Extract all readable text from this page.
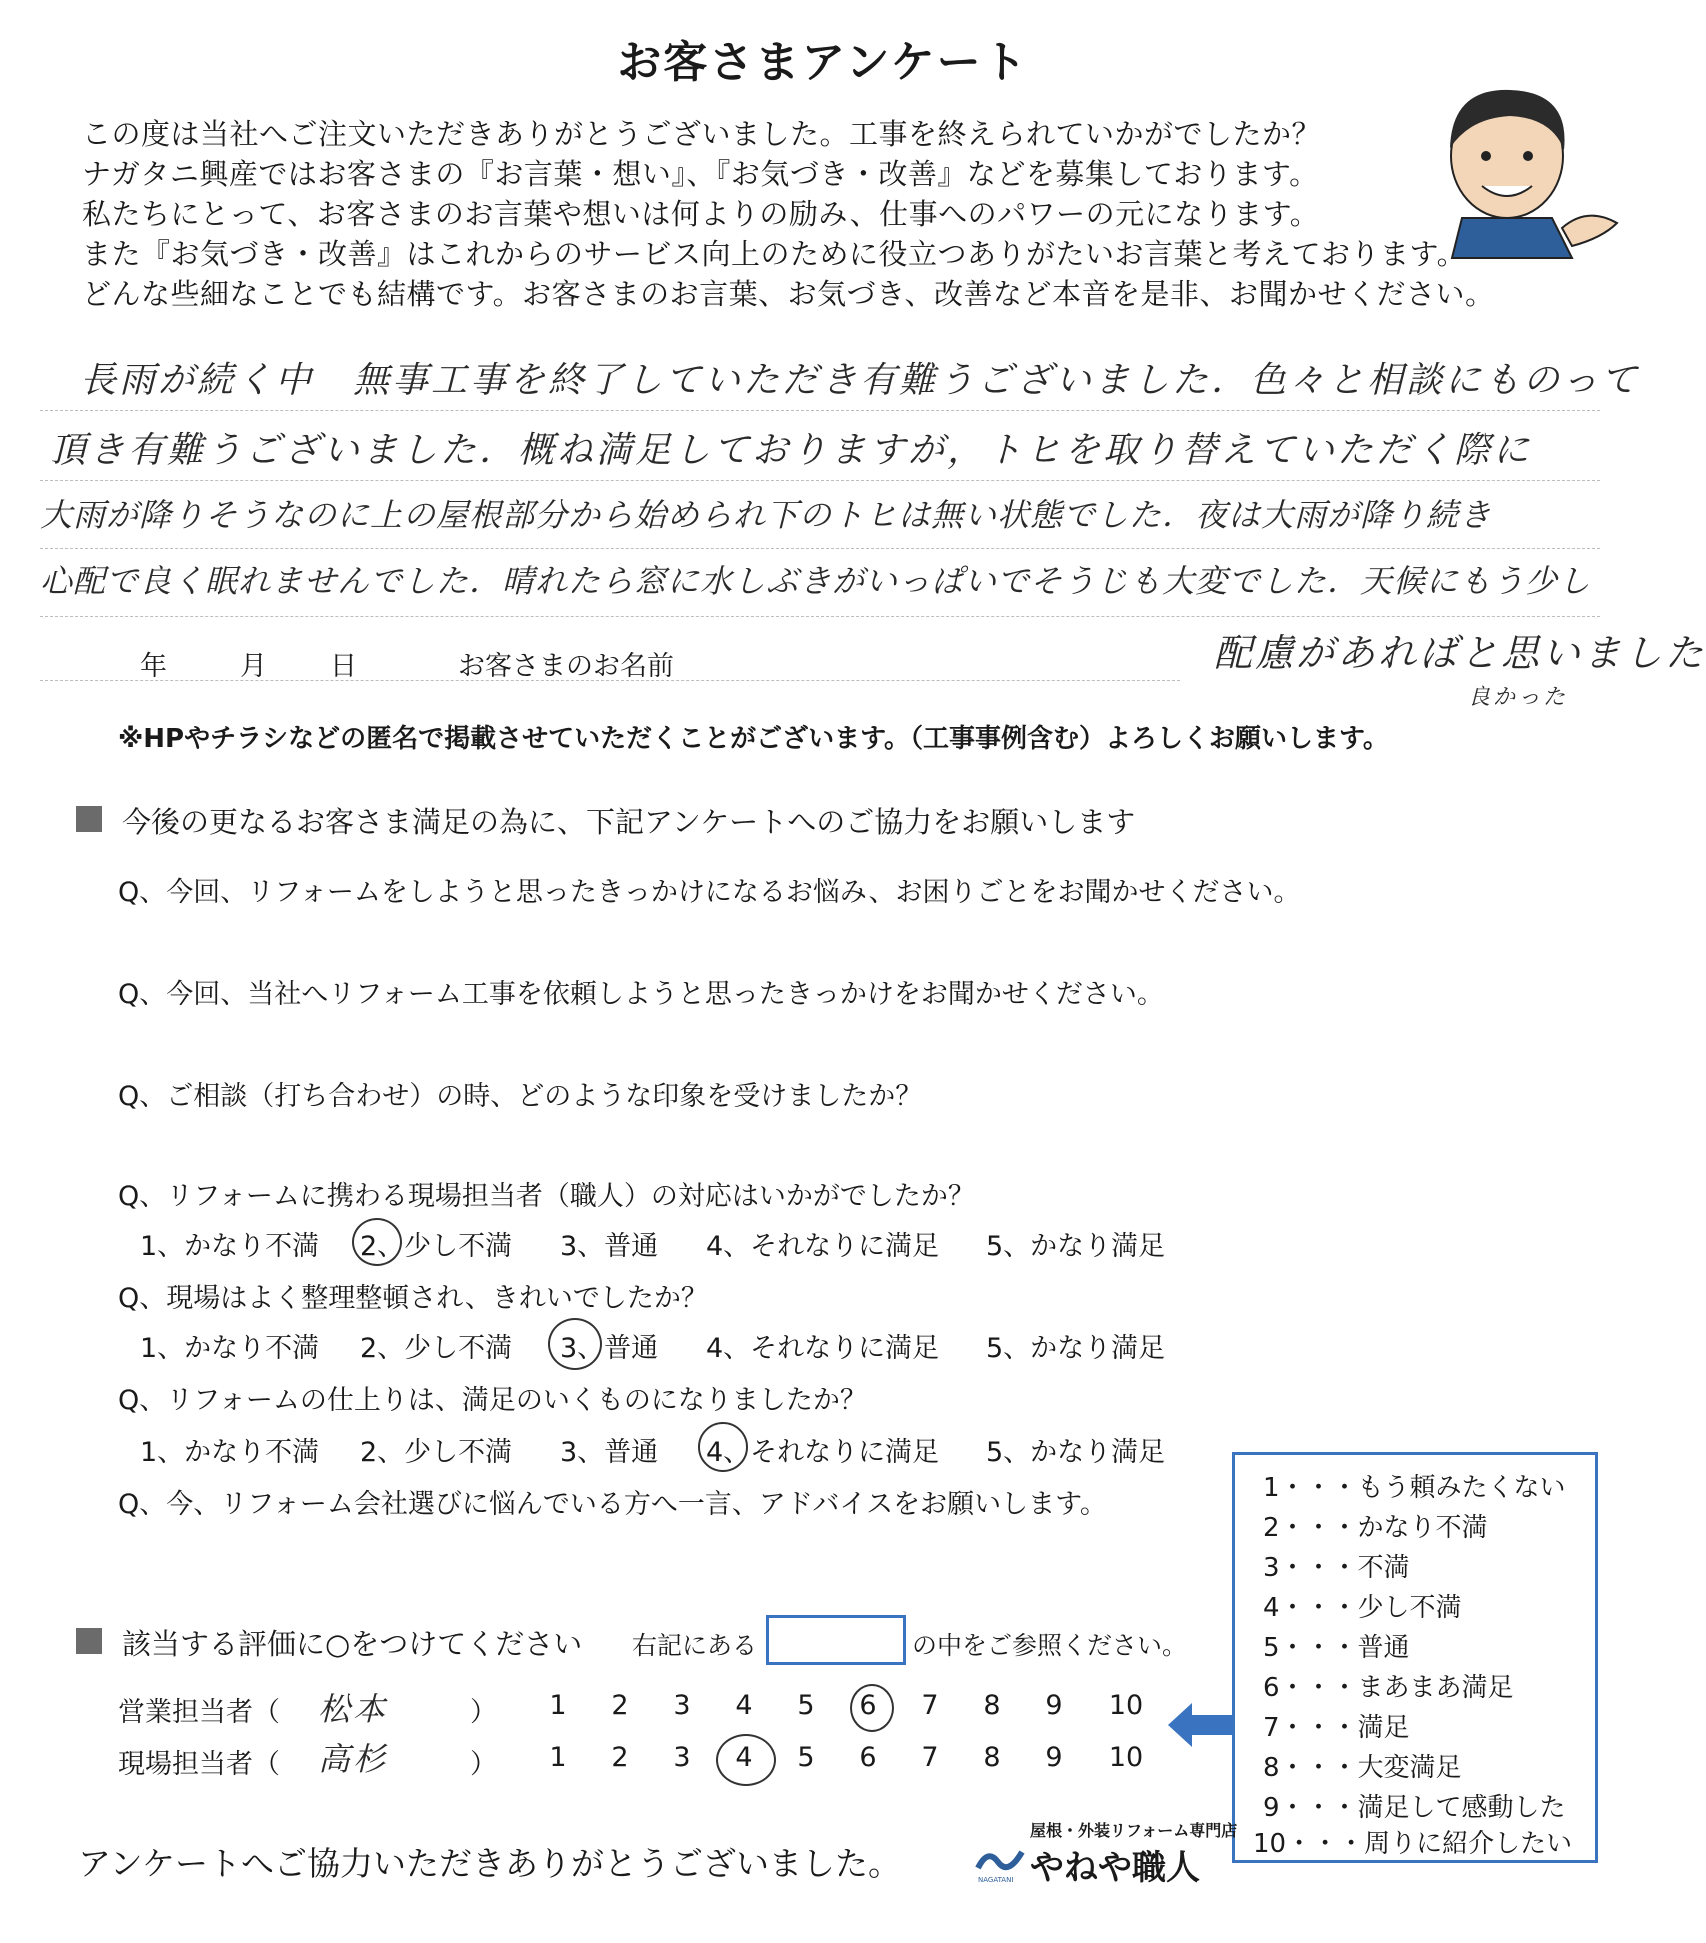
お客さまアンケート
この度は当社へご注文いただきありがとうございました。工事を終えられていかがでしたか？
ナガタニ興産ではお客さまの『お言葉・想い』、『お気づき・改善』などを募集しております。
私たちにとって、お客さまのお言葉や想いは何よりの励み、仕事へのパワーの元になります。
また『お気づき・改善』はこれからのサービス向上のために役立つありがたいお言葉と考えております。
どんな些細なことでも結構です。お客さまのお言葉、お気づき、改善など本音を是非、お聞かせください。
長雨が続く中　無事工事を終了していただき有難うございました．色々と相談にものって
頂き有難うございました．概ね満足しておりますが，トヒを取り替えていただく際に
大雨が降りそうなのに上の屋根部分から始められ下のトヒは無い状態でした．夜は大雨が降り続き
心配で良く眠れませんでした．晴れたら窓に水しぶきがいっぱいでそうじも大変でした．天候にもう少し
配慮があればと思いました
良かった
年	月 日	お客さまのお名前
※HPやチラシなどの匿名で掲載させていただくことがございます。（工事事例含む）よろしくお願いします。
今後の更なるお客さま満足の為に、下記アンケートへのご協力をお願いします
Q、今回、リフォームをしようと思ったきっかけになるお悩み、お困りごとをお聞かせください。
Q、今回、当社へリフォーム工事を依頼しようと思ったきっかけをお聞かせください。
Q、ご相談（打ち合わせ）の時、どのような印象を受けましたか？
Q、リフォームに携わる現場担当者（職人）の対応はいかがでしたか？
1、かなり不満 2、少し不満 3、普通 4、それなりに満足 5、かなり満足
Q、現場はよく整理整頓され、きれいでしたか？
1、かなり不満 2、少し不満 3、普通 4、それなりに満足 5、かなり満足
Q、リフォームの仕上りは、満足のいくものになりましたか？
1、かなり不満 2、少し不満 3、普通 4、それなりに満足 5、かなり満足
Q、今、リフォーム会社選びに悩んでいる方へ一言、アドバイスをお願いします。
該当する評価に○をつけてください 右記にある	の中をご参照ください。
営業担当者（ 松本	）	1	2	3	4	5	6	7	8	9	10
現場担当者（ 高杉	）	1	2	3	4	5	6	7	8	9	10
1・・・もう頼みたくない
2・・・かなり不満
3・・・不満
4・・・少し不満
5・・・普通
6・・・まあまあ満足
7・・・満足
8・・・大変満足
9・・・満足して感動した
10・・・周りに紹介したい
アンケートへご協力いただきありがとうございました。	NAGATANI
屋根・外装リフォーム専門店
やねや職人
